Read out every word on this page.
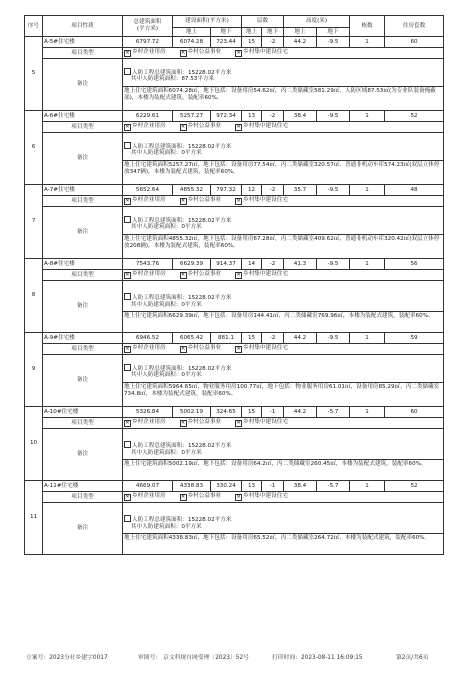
序号	项目性质	总建筑面积
(平方米)	建设面积(平方米)		层数		高度(米)		栋数	住房套数
			地上	地下	地上	地下	地上	地下		
5	A-5#住宅楼	6797.72	6074.28	723.44	15	-2	44.2	-9.5	1	60
	项目类型	✕ 乡村企业用房 ✕ 乡村公益事业 ✕ 乡村集中建设住宅								
	备注	人防工程总建筑面积：15228.02平方米
其中人防建筑面积：87.53平方米
地上住宅建筑面积6074.28㎡，地下包括：设备用房54.62㎡，丙二类储藏室581.29㎡，人防区域87.53㎡(为专业队装备掩蔽部)，本楼为装配式建筑，装配率60%。								

6	A-6#住宅楼	6229.61	5257.27	972.34	13	-2	38.4	-9.5	1	52
	项目类型	✕ 乡村企业用房 ✕ 乡村公益事业 ✕ 乡村集中建设住宅								
	备注	人防工程总建筑面积：15228.02平方米
其中人防建筑面积：0平方米
地上住宅建筑面积5257.27㎡，地下包括：设备用房77.54㎡，丙二类储藏室320.57㎡，普通非机动车库574.23㎡(双层立体停放347辆)，本楼为装配式建筑，装配率60%。								

7	A-7#住宅楼	5652.64	4855.32	797.32	12	-2	35.7	-9.5	1	48
	项目类型	✕ 乡村企业用房 ✕ 乡村公益事业 ✕ 乡村集中建设住宅								
	备注	人防工程总建筑面积：15228.02平方米
其中人防建筑面积：0平方米
地上住宅建筑面积4855.32㎡，地下包括：设备用房67.28㎡，丙二类储藏室409.62㎡，普通非机动车库320.42㎡(双层立体停放208辆)，本楼为装配式建筑，装配率60%。								

8	A-8#住宅楼	7543.76	6629.39	914.37	14	-2	41.3	-9.5	1	56
	项目类型	✕ 乡村企业用房 ✕ 乡村公益事业 ✕ 乡村集中建设住宅								
	备注	人防工程总建筑面积：15228.02平方米
其中人防建筑面积：0平方米
地上住宅建筑面积6629.39㎡，地下包括：设备用房144.41㎡，丙二类储藏室769.96㎡，本楼为装配式建筑，装配率60%。								

9	A-9#住宅楼	6946.52	6065.42	881.1	15	-2	44.2	-9.5	1	59
	项目类型	✕ 乡村企业用房 ✕ 乡村公益事业 ✕ 乡村集中建设住宅								
	备注	人防工程总建筑面积：15228.02平方米
其中人防建筑面积：0平方米
地上住宅建筑面积5964.65㎡，物业服务用房100.77㎡，地下包括：物业服务用房61.01㎡，设备用房85.29㎡，丙二类储藏室734.8㎡，本楼为装配式建筑，装配率60%。								

10	A-10#住宅楼	5326.84	5002.19	324.65	15	-1	44.2	-5.7	1	60
	项目类型	✕ 乡村企业用房 ✕ 乡村公益事业 ✕ 乡村集中建设住宅								
	备注	人防工程总建筑面积：15228.02平方米
其中人防建筑面积：0平方米
地上住宅建筑面积5002.19㎡，地下包括：设备用房64.2㎡，丙二类储藏室260.45㎡，本楼为装配式建筑，装配率60%。								

11	A-11#住宅楼	4669.07	4338.83	330.24	13	-1	38.4	-5.7	1	52
	项目类型	✕ 乡村企业用房 ✕ 乡村公益事业 ✕ 乡村集中建设住宅								
	备注	人防工程总建筑面积：15228.02平方米
其中人防建筑面积：0平方米
地上住宅建筑面积4338.83㎡，地下包括：设备用房65.52㎡，丙二类储藏室264.72㎡，本楼为装配式建筑，装配率60%。								
立案号：2023分社乡建字0017	审图号： 京文科规自网受理〔2023〕52号	打印时间：2023-08-11 16:09:15	第2页/共6页
